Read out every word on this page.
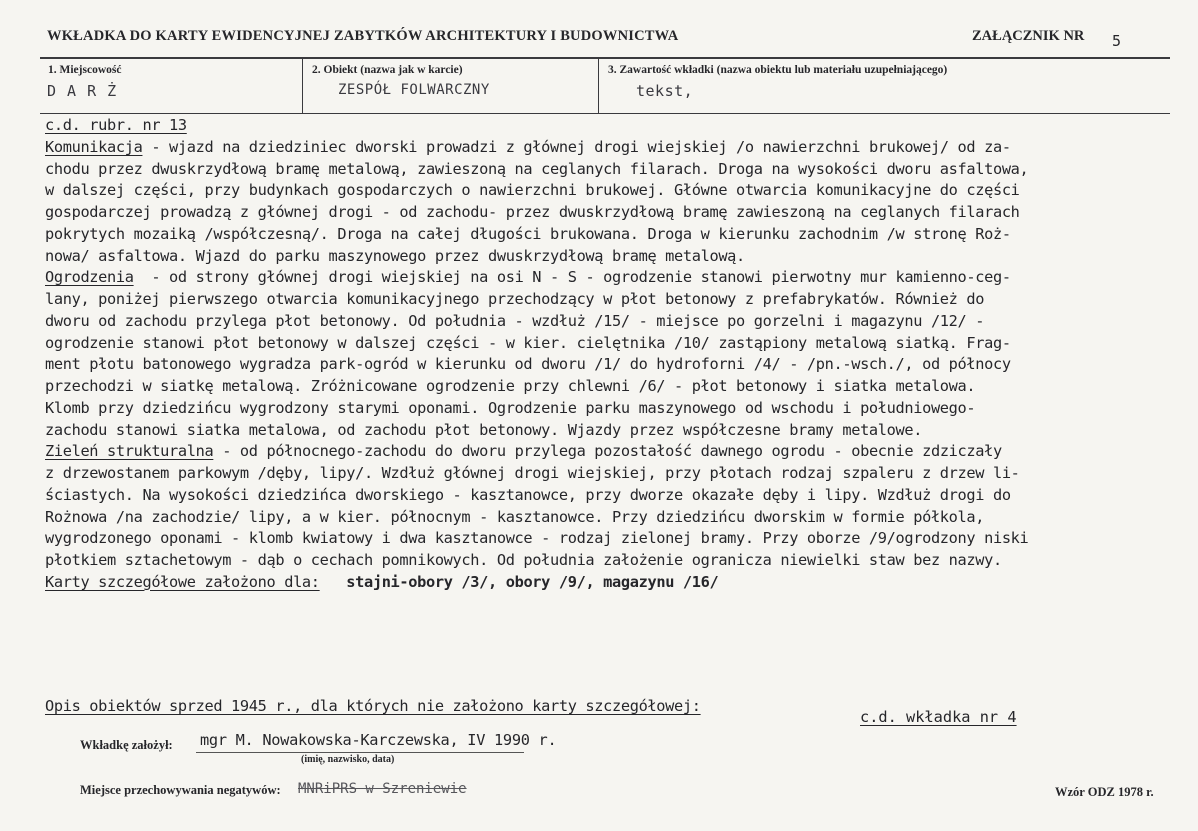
WKŁADKA DO KARTY EWIDENCYJNEJ ZABYTKÓW ARCHITEKTURY I BUDOWNICTWA	ZAŁĄCZNIK NR 5
1. Miejscowość
D A R Ż
2. Obiekt (nazwa jak w karcie)
ZESPÓŁ FOLWARCZNY
3. Zawartość wkładki (nazwa obiektu lub materiału uzupełniającego)
tekst,
c.d. rubr. nr 13
Komunikacja - wjazd na dziedziniec dworski prowadzi z głównej drogi wiejskiej /o nawierzchni brukowej/ od za-
chodu przez dwuskrzydłową bramę metalową, zawieszoną na ceglanych filarach. Droga na wysokości dworu asfaltowa,
w dalszej części, przy budynkach gospodarczych o nawierzchni brukowej. Główne otwarcia komunikacyjne do części
gospodarczej prowadzą z głównej drogi - od zachodu- przez dwuskrzydłową bramę zawieszoną na ceglanych filarach
pokrytych mozaiką /współczesną/. Droga na całej długości brukowana. Droga w kierunku zachodnim /w stronę Roż-
nowa/ asfaltowa. Wjazd do parku maszynowego przez dwuskrzydłową bramę metalową.
Ogrodzenia  - od strony głównej drogi wiejskiej na osi N - S - ogrodzenie stanowi pierwotny mur kamienno-ceg-
lany, poniżej pierwszego otwarcia komunikacyjnego przechodzący w płot betonowy z prefabrykatów. Również do
dworu od zachodu przylega płot betonowy. Od południa - wzdłuż /15/ - miejsce po gorzelni i magazynu /12/ -
ogrodzenie stanowi płot betonowy w dalszej części - w kier. cielętnika /10/ zastąpiony metalową siatką. Frag-
ment płotu batonowego wygradza park-ogród w kierunku od dworu /1/ do hydroforni /4/ - /pn.-wsch./, od północy
przechodzi w siatkę metalową. Zróżnicowane ogrodzenie przy chlewni /6/ - płot betonowy i siatka metalowa.
Klomb przy dziedzińcu wygrodzony starymi oponami. Ogrodzenie parku maszynowego od wschodu i południowego-
zachodu stanowi siatka metalowa, od zachodu płot betonowy. Wjazdy przez współczesne bramy metalowe.
Zieleń strukturalna - od północnego-zachodu do dworu przylega pozostałość dawnego ogrodu - obecnie zdziczały
z drzewostanem parkowym /dęby, lipy/. Wzdłuż głównej drogi wiejskiej, przy płotach rodzaj szpaleru z drzew li-
ściastych. Na wysokości dziedzińca dworskiego - kasztanowce, przy dworze okazałe dęby i lipy. Wzdłuż drogi do
Rożnowa /na zachodzie/ lipy, a w kier. północnym - kasztanowce. Przy dziedzińcu dworskim w formie półkola,
wygrodzonego oponami - klomb kwiatowy i dwa kasztanowce - rodzaj zielonej bramy. Przy oborze /9/ogrodzony niski
płotkiem sztachetowym - dąb o cechach pomnikowych. Od południa założenie ogranicza niewielki staw bez nazwy.
Karty szczegółowe założono dla: stajni-obory /3/, obory /9/, magazynu /16/
Opis obiektów sprzed 1945 r., dla których nie założono karty szczegółowej:
c.d. wkładka nr 4
Wkładkę założył: mgr M. Nowakowska-Karczewska, IV 1990 r.
(imię, nazwisko, data)
Miejsce przechowywania negatywów: MNRiPRS w Szreniewie	Wzór ODZ 1978 r.
